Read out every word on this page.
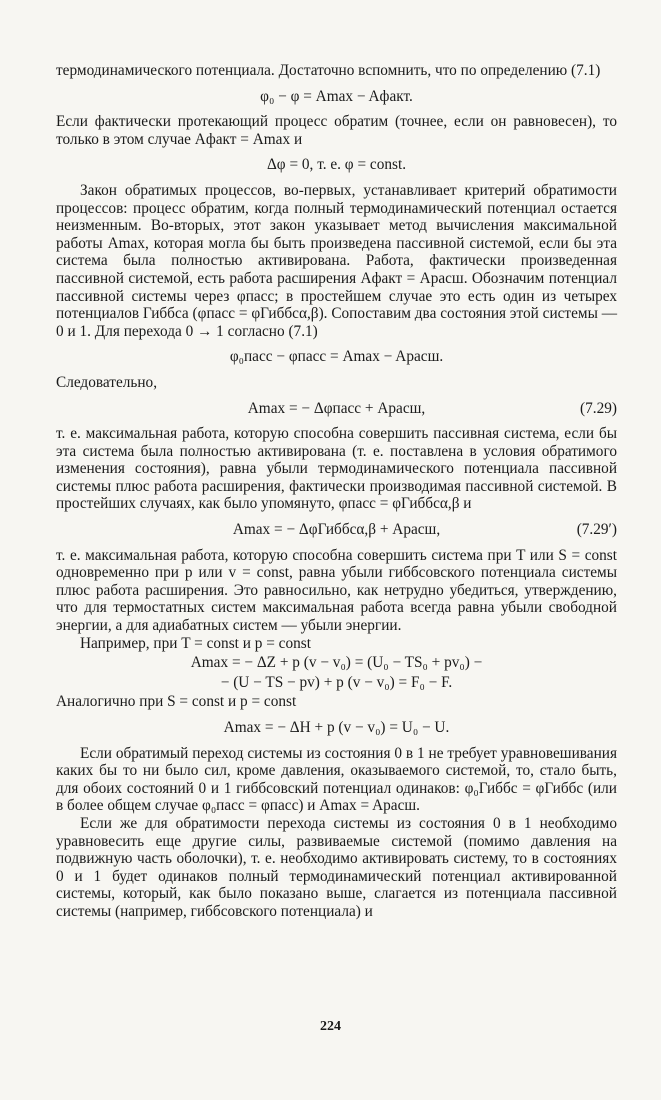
термодинамического потенциала. Достаточно вспомнить, что по определению (7.1)

φ₀ − φ = Amax − Aфакт.

Если фактически протекающий процесс обратим (точнее, если он равновесен), то только в этом случае Aфакт = Amax и

Δφ = 0, т. е. φ = const.

Закон обратимых процессов, во-первых, устанавливает критерий обратимости процессов: процесс обратим, когда полный термодинамический потенциал остается неизменным. Во-вторых, этот закон указывает метод вычисления максимальной работы Amax, которая могла бы быть произведена пассивной системой, если бы эта система была полностью активирована. Работа, фактически произведенная пассивной системой, есть работа расширения Aфакт = Aрасш. Обозначим потенциал пассивной системы через φпасс; в простейшем случае это есть один из четырех потенциалов Гиббса (φпасс = φГиббсα,β). Сопоставим два состояния этой системы — 0 и 1. Для перехода 0 → 1 согласно (7.1)

φ₀пасс − φпасс = Amax − Aрасш.

Следовательно,

Amax = − Δφпасс + Aрасш,	(7.29)

т. е. максимальная работа, которую способна совершить пассивная система, если бы эта система была полностью активирована (т. е. поставлена в условия обратимого изменения состояния), равна убыли термодинамического потенциала пассивной системы плюс работа расширения, фактически производимая пассивной системой. В простейших случаях, как было упомянуто, φпасс = φГиббсα,β и

Amax = − ΔφГиббсα,β + Aрасш,	(7.29′)

т. е. максимальная работа, которую способна совершить система при T или S = const одновременно при p или v = const, равна убыли гиббсовского потенциала системы плюс работа расширения. Это равносильно, как нетрудно убедиться, утверждению, что для термостатных систем максимальная работа всегда равна убыли свободной энергии, а для адиабатных систем — убыли энергии.

Например, при T = const и p = const

Amax = − ΔZ + p (v − v₀) = (U₀ − TS₀ + pv₀) −
− (U − TS − pv) + p (v − v₀) = F₀ − F.

Аналогично при S = const и p = const

Amax = − ΔH + p (v − v₀) = U₀ − U.

Если обратимый переход системы из состояния 0 в 1 не требует уравновешивания каких бы то ни было сил, кроме давления, оказываемого системой, то, стало быть, для обоих состояний 0 и 1 гиббсовский потенциал одинаков: φ₀Гиббс = φГиббс (или в более общем случае φ₀пасс = φпасс) и Amax = Aрасш.

Если же для обратимости перехода системы из состояния 0 в 1 необходимо уравновесить еще другие силы, развиваемые системой (помимо давления на подвижную часть оболочки), т. е. необходимо активировать систему, то в состояниях 0 и 1 будет одинаков полный термодинамический потенциал активированной системы, который, как было показано выше, слагается из потенциала пассивной системы (например, гиббсовского потенциала) и

224
